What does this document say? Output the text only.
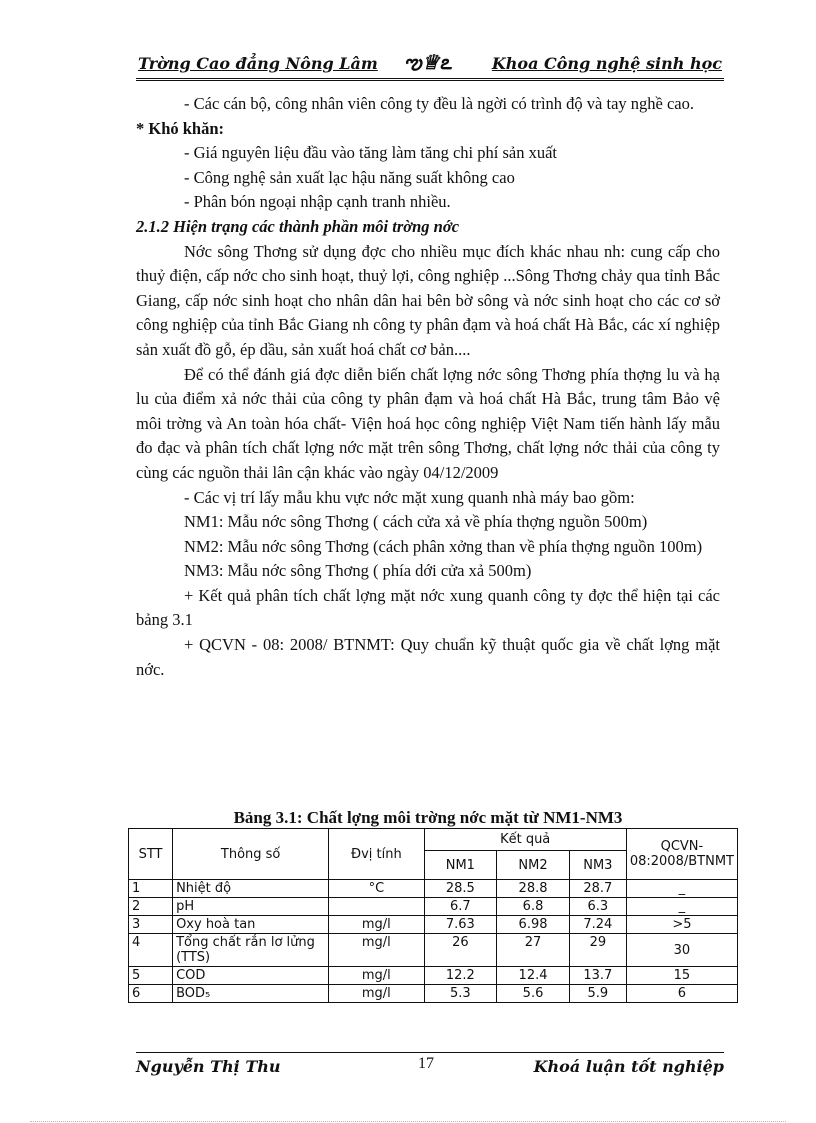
Trờng Cao đẳng Nông Lâm ఌ♕ఽ	Khoa Công nghệ sinh học

- Các cán bộ, công nhân viên công ty đều là ngời có trình độ và tay nghề cao.

* Khó khăn:

- Giá nguyên liệu đầu vào tăng làm tăng chi phí sản xuất

- Công nghệ sản xuất lạc hậu năng suất không cao

- Phân bón ngoại nhập cạnh tranh nhiều.

2.1.2 Hiện trạng các thành phần môi trờng nớc

Nớc sông Thơng sử dụng đợc cho nhiều mục đích khác nhau nh: cung cấp cho thuỷ điện, cấp nớc cho sinh hoạt, thuỷ lợi, công nghiệp ...Sông Thơng chảy qua tỉnh Bắc Giang, cấp nớc sinh hoạt cho nhân dân hai bên bờ sông và nớc sinh hoạt cho các cơ sở công nghiệp của tỉnh Bắc Giang nh công ty phân đạm và hoá chất Hà Bắc, các xí nghiệp sản xuất đồ gỗ, ép dầu, sản xuất hoá chất cơ bản....

Để có thể đánh giá đợc diễn biến chất lợng nớc sông Thơng phía thợng lu và hạ lu của điểm xả nớc thải của công ty phân đạm và hoá chất Hà Bắc, trung tâm Bảo vệ môi trờng và An toàn hóa chất- Viện hoá học công nghiệp Việt Nam tiến hành lấy mẫu đo đạc và phân tích chất lợng nớc mặt trên sông Thơng, chất lợng nớc thải của công ty cùng các nguồn thải lân cận khác vào ngày 04/12/2009

- Các vị trí lấy mẫu khu vực nớc mặt xung quanh nhà máy bao gồm:

NM1: Mẫu nớc sông Thơng ( cách cửa xả về phía thợng nguồn 500m)

NM2: Mẫu nớc sông Thơng (cách phân xởng than về phía thợng nguồn 100m)

NM3: Mẫu nớc sông Thơng ( phía dới cửa xả 500m)

+ Kết quả phân tích chất lợng mặt nớc xung quanh công ty đợc thể hiện tại các bảng 3.1

+ QCVN - 08: 2008/ BTNMT: Quy chuẩn kỹ thuật quốc gia về chất lợng mặt nớc.

Bảng 3.1: Chất lợng môi trờng nớc mặt từ NM1-NM3
STT	Thông số	Đvị tính	Kết quả			QCVN-08:2008/BTNMT
			NM1	NM2	NM3	
1	Nhiệt độ	°C	28.5	28.8	28.7	_
2	pH		6.7	6.8	6.3	_
3	Oxy hoà tan	mg/l	7.63	6.98	7.24	>5
4	Tổng chất rắn lơ lửng (TTS)	mg/l	26	27	29	30
5	COD	mg/l	12.2	12.4	13.7	15
6	BOD₅	mg/l	5.3	5.6	5.9	6
Nguyễn Thị Thu	17	Khoá luận tốt nghiệp
